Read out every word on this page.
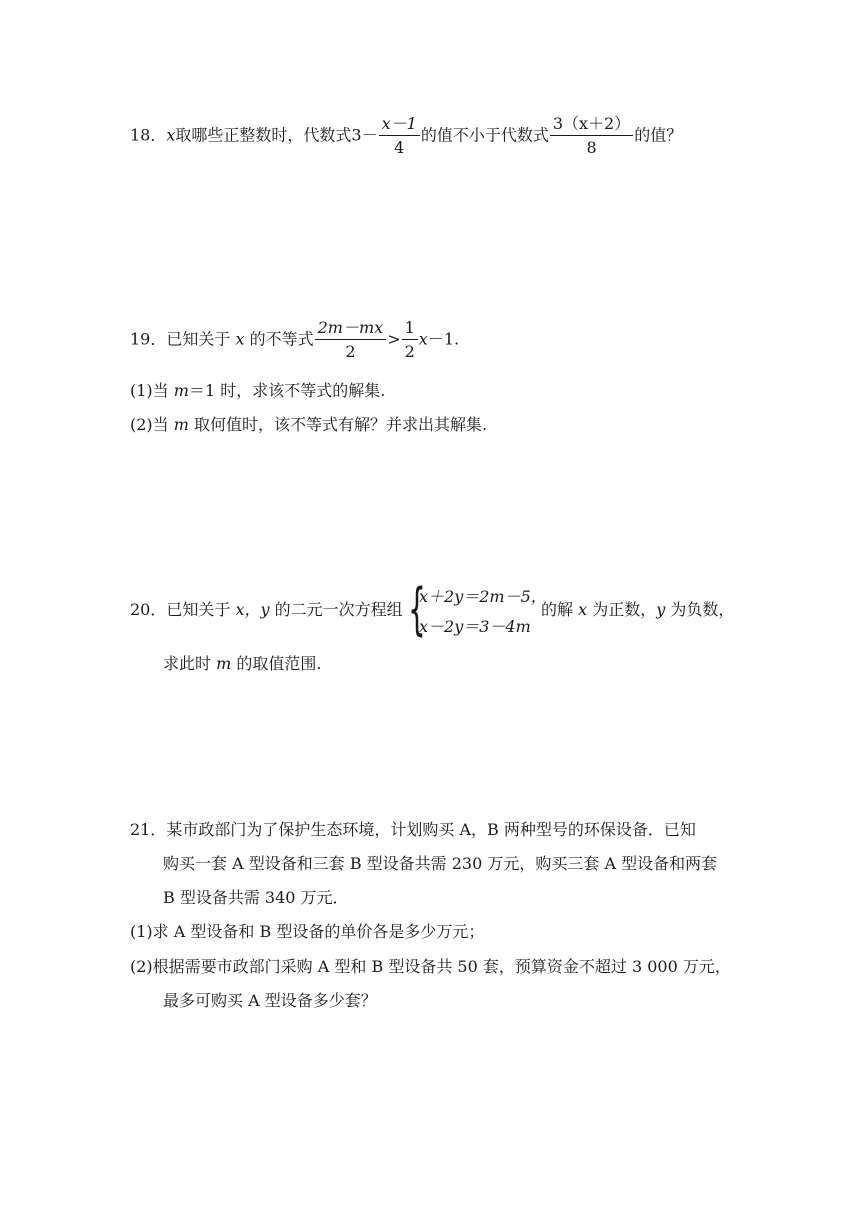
18．x取哪些正整数时，代数式$3- \frac{x-1}{4}$ 的值不小于代数式 $\frac{3(x+2)}{8}$ 的值？
19．已知关于 x 的不等式 $\frac{2m-mx}{2} > \frac{1}{2} x-1$.
(1)当 m＝1 时，求该不等式的解集.
(2)当 m 取何值时，该不等式有解？并求出其解集.
20．已知关于 x，y 的二元一次方程组 {
x＋2y＝2m－5，
x－2y＝3－4m
的解 x 为正数，y 为负数，
求此时 m 的取值范围.
21．某市政部门为了保护生态环境，计划购买 A，B 两种型号的环保设备．已知
购买一套 A 型设备和三套 B 型设备共需 230 万元，购买三套 A 型设备和两套
B 型设备共需 340 万元．
(1)求 A 型设备和 B 型设备的单价各是多少万元；
(2)根据需要市政部门采购 A 型和 B 型设备共 50 套，预算资金不超过 3 000 万元，
最多可购买 A 型设备多少套？
